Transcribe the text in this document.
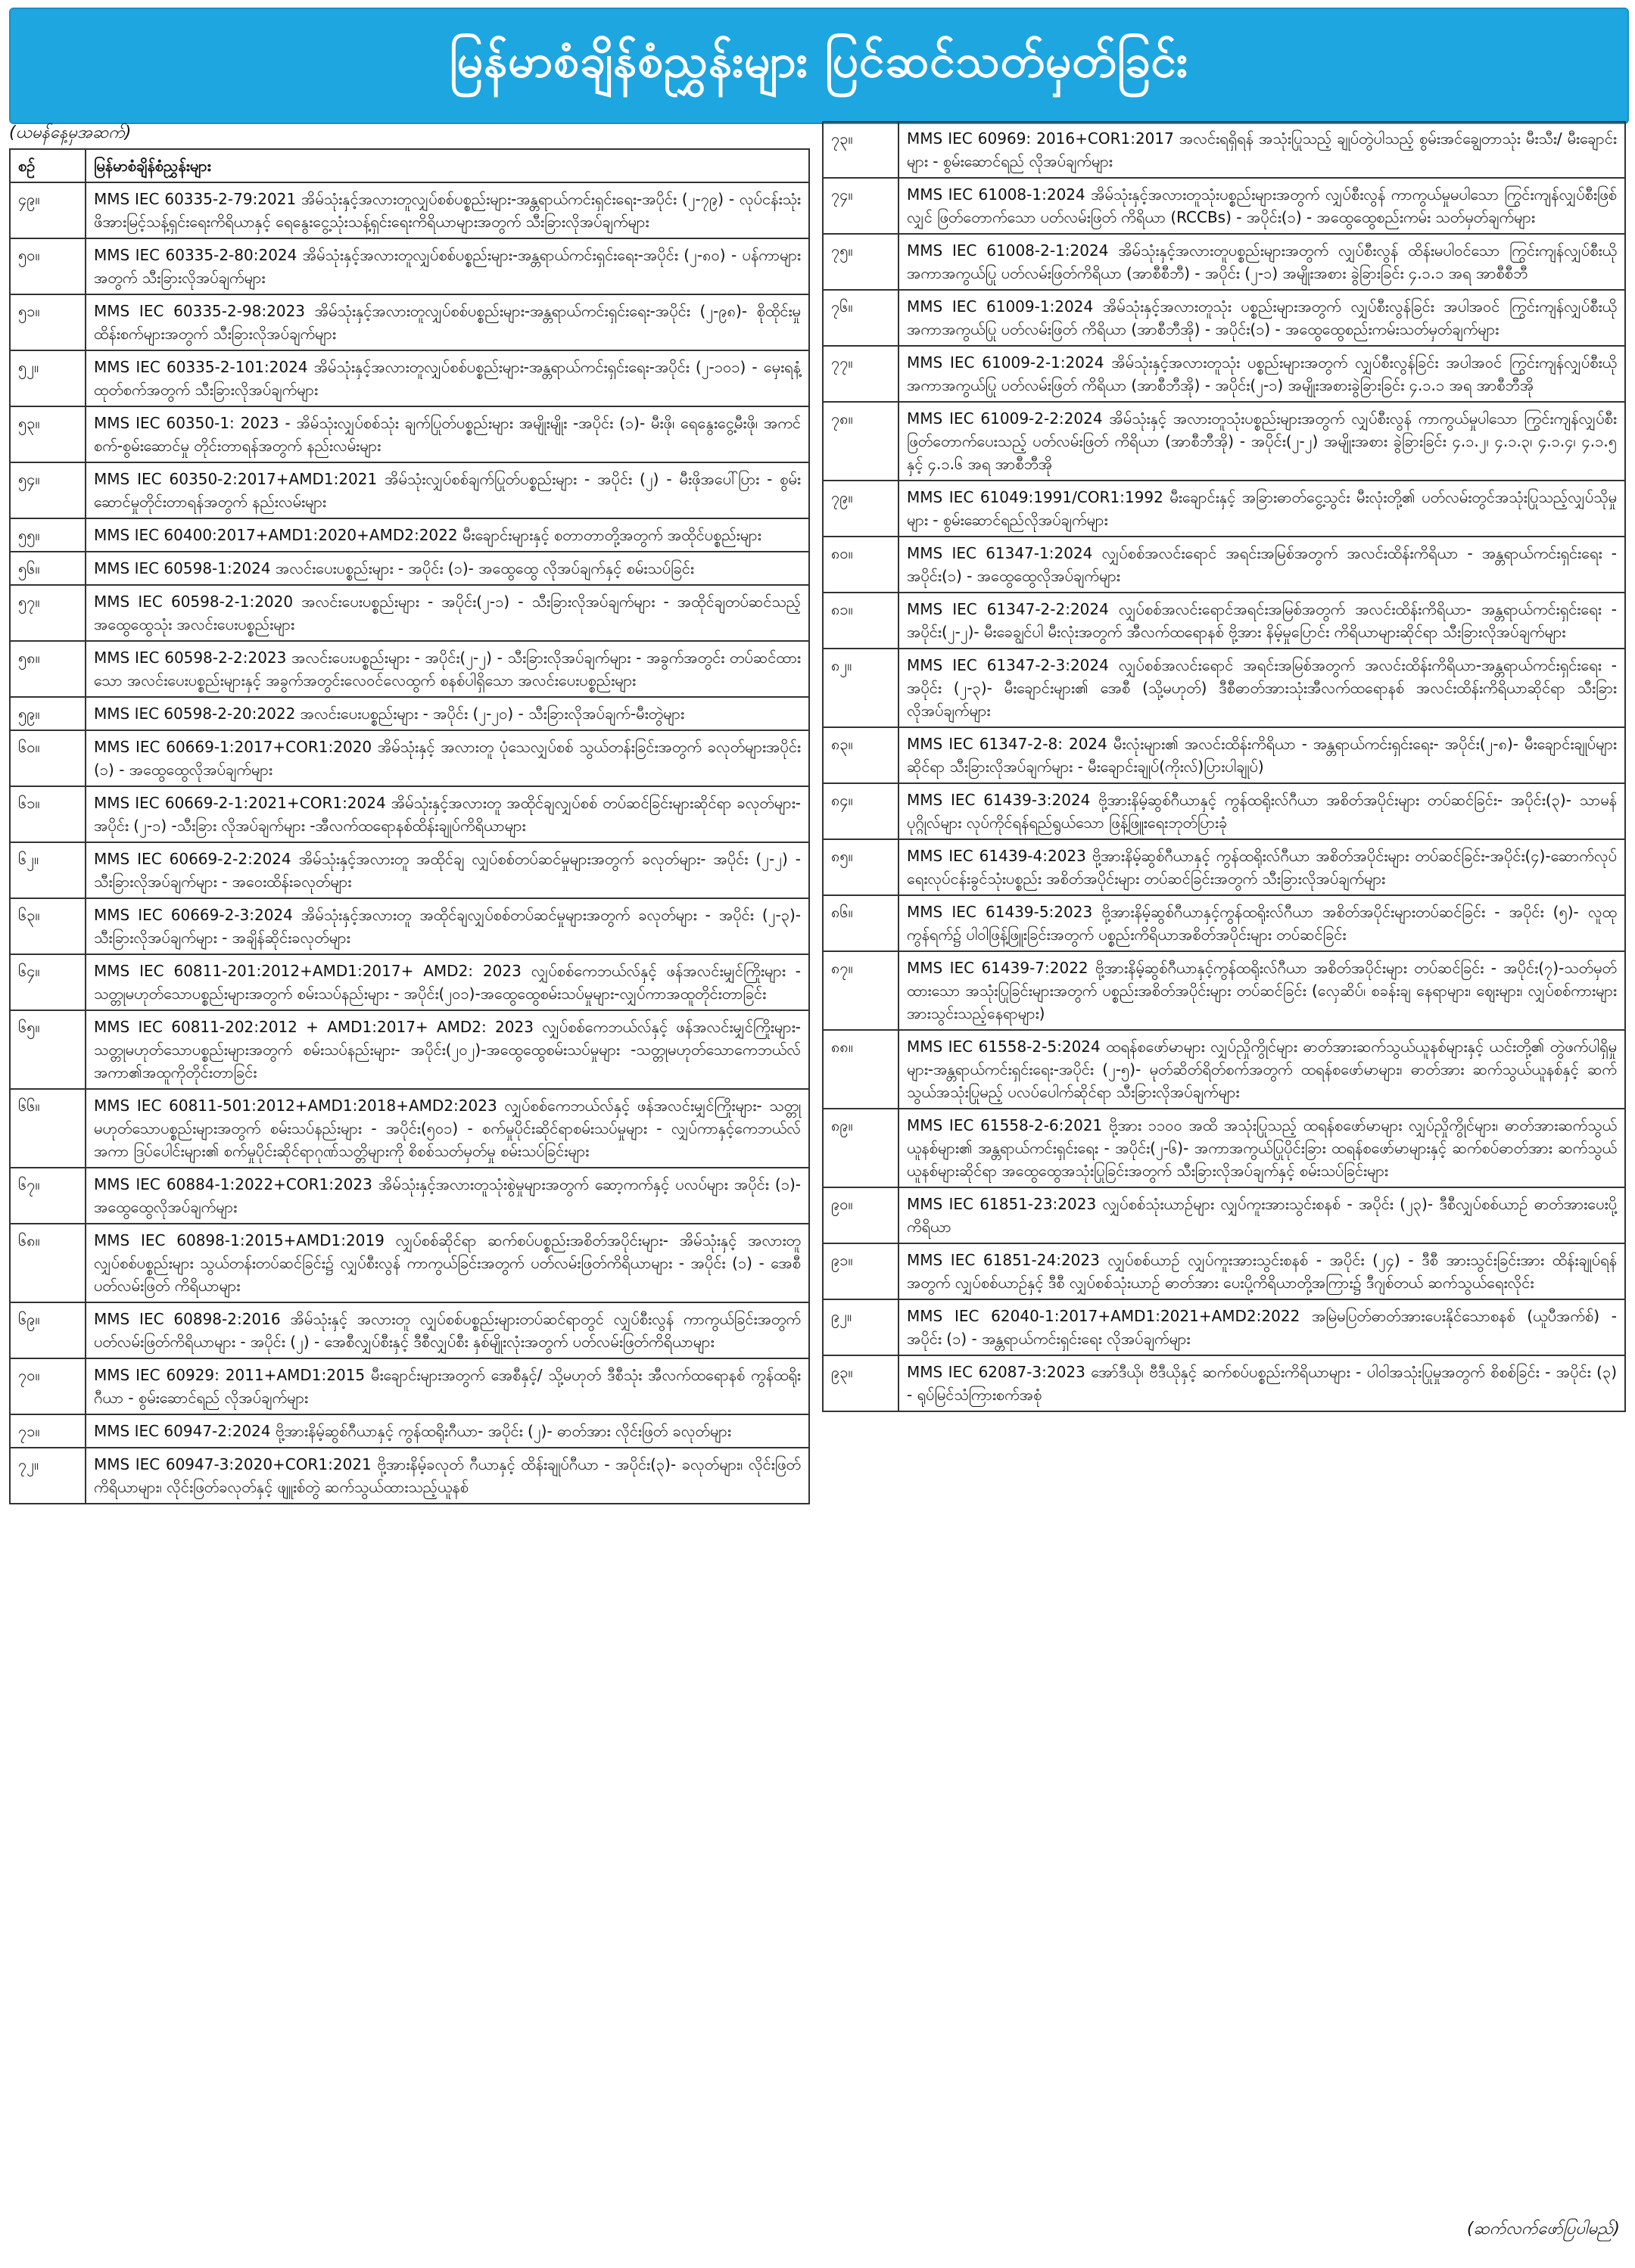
မြန်မာစံချိန်စံညွှန်းများ ပြင်ဆင်သတ်မှတ်ခြင်း
(ယမန်နေ့မှအဆက်)
စဉ်	မြန်မာစံချိန်စံညွှန်းများ
၄၉။	MMS IEC 60335-2-79:2021 အိမ်သုံးနှင့်အလားတူလျှပ်စစ်ပစ္စည်းများ-အန္တရာယ်ကင်းရှင်းရေး-အပိုင်း (၂-၇၉) - လုပ်ငန်းသုံးဖိအားမြင့်သန့်ရှင်းရေးကိရိယာနှင့် ရေနွေးငွေ့သုံးသန့်ရှင်းရေးကိရိယာများအတွက် သီးခြားလိုအပ်ချက်များ
၅၀။	MMS IEC 60335-2-80:2024 အိမ်သုံးနှင့်အလားတူလျှပ်စစ်ပစ္စည်းများ-အန္တရာယ်ကင်းရှင်းရေး-အပိုင်း (၂-၈၀) - ပန်ကာများအတွက် သီးခြားလိုအပ်ချက်များ
၅၁။	MMS IEC 60335-2-98:2023 အိမ်သုံးနှင့်အလားတူလျှပ်စစ်ပစ္စည်းများ-အန္တရာယ်ကင်းရှင်းရေး-အပိုင်း (၂-၉၈)- စိုထိုင်းမှုထိန်းစက်များအတွက် သီးခြားလိုအပ်ချက်များ
၅၂။	MMS IEC 60335-2-101:2024 အိမ်သုံးနှင့်အလားတူလျှပ်စစ်ပစ္စည်းများ-အန္တရာယ်ကင်းရှင်းရေး-အပိုင်း (၂-၁၀၁) - မှေးရနံ့ထုတ်စက်အတွက် သီးခြားလိုအပ်ချက်များ
၅၃။	MMS IEC 60350-1: 2023 - အိမ်သုံးလျှပ်စစ်သုံး ချက်ပြုတ်ပစ္စည်းများ အမျိုးမျိုး -အပိုင်း (၁)- မီးဖို၊ ရေနွေးငွေ့မီးဖို၊ အကင်စက်-စွမ်းဆောင်မှု တိုင်းတာရန်အတွက် နည်းလမ်းများ
၅၄။	MMS IEC 60350-2:2017+AMD1:2021 အိမ်သုံးလျှပ်စစ်ချက်ပြုတ်ပစ္စည်းများ - အပိုင်း (၂) - မီးဖိုအပေါ်ပြား - စွမ်းဆောင်မှုတိုင်းတာရန်အတွက် နည်းလမ်းများ
၅၅။	MMS IEC 60400:2017+AMD1:2020+AMD2:2022 မီးချောင်းများနှင့် စတာတာတို့အတွက် အထိုင်ပစ္စည်းများ
၅၆။	MMS IEC 60598-1:2024 အလင်းပေးပစ္စည်းများ - အပိုင်း (၁)- အထွေထွေ လိုအပ်ချက်နှင့် စမ်းသပ်ခြင်း
၅၇။	MMS IEC 60598-2-1:2020 အလင်းပေးပစ္စည်းများ - အပိုင်း(၂-၁) - သီးခြားလိုအပ်ချက်များ - အထိုင်ချတပ်ဆင်သည့် အထွေထွေသုံး အလင်းပေးပစ္စည်းများ
၅၈။	MMS IEC 60598-2-2:2023 အလင်းပေးပစ္စည်းများ - အပိုင်း(၂-၂) - သီးခြားလိုအပ်ချက်များ - အခွက်အတွင်း တပ်ဆင်ထားသော အလင်းပေးပစ္စည်းများနှင့် အခွက်အတွင်းလေဝင်လေထွက် စနစ်ပါရှိသော အလင်းပေးပစ္စည်းများ
၅၉။	MMS IEC 60598-2-20:2022 အလင်းပေးပစ္စည်းများ - အပိုင်း (၂-၂၀) - သီးခြားလိုအပ်ချက်-မီးတွဲများ
၆၀။	MMS IEC 60669-1:2017+COR1:2020 အိမ်သုံးနှင့် အလားတူ ပုံသေလျှပ်စစ် သွယ်တန်းခြင်းအတွက် ခလုတ်များအပိုင်း (၁) - အထွေထွေလိုအပ်ချက်များ
၆၁။	MMS IEC 60669-2-1:2021+COR1:2024 အိမ်သုံးနှင့်အလားတူ အထိုင်ချလျှပ်စစ် တပ်ဆင်ခြင်းများဆိုင်ရာ ခလုတ်များ-အပိုင်း (၂-၁) -သီးခြား လိုအပ်ချက်များ -အီလက်ထရောနစ်ထိန်းချုပ်ကိရိယာများ
၆၂။	MMS IEC 60669-2-2:2024 အိမ်သုံးနှင့်အလားတူ အထိုင်ချ လျှပ်စစ်တပ်ဆင်မှုများအတွက် ခလုတ်များ- အပိုင်း (၂-၂) - သီးခြားလိုအပ်ချက်များ - အဝေးထိန်းခလုတ်များ
၆၃။	MMS IEC 60669-2-3:2024 အိမ်သုံးနှင့်အလားတူ အထိုင်ချလျှပ်စစ်တပ်ဆင်မှုများအတွက် ခလုတ်များ - အပိုင်း (၂-၃)- သီးခြားလိုအပ်ချက်များ - အချိန်ဆိုင်းခလုတ်များ
၆၄။	MMS IEC 60811-201:2012+AMD1:2017+ AMD2: 2023 လျှပ်စစ်ကေဘယ်လ်နှင့် ဖန်အလင်းမျှင်ကြိုးများ - သတ္တုမဟုတ်သောပစ္စည်းများအတွက် စမ်းသပ်နည်းများ - အပိုင်း(၂၀၁)-အထွေထွေစမ်းသပ်မှုများ-လျှပ်ကာအထူတိုင်းတာခြင်း
၆၅။	MMS IEC 60811-202:2012 + AMD1:2017+ AMD2: 2023 လျှပ်စစ်ကေဘယ်လ်နှင့် ဖန်အလင်းမျှင်ကြိုးများ- သတ္တုမဟုတ်သောပစ္စည်းများအတွက် စမ်းသပ်နည်းများ- အပိုင်း(၂၀၂)-အထွေထွေစမ်းသပ်မှုများ -သတ္တုမဟုတ်သောကေဘယ်လ် အကာ၏အထူကိုတိုင်းတာခြင်း
၆၆။	MMS IEC 60811-501:2012+AMD1:2018+AMD2:2023 လျှပ်စစ်ကေဘယ်လ်နှင့် ဖန်အလင်းမျှင်ကြိုးများ- သတ္တုမဟုတ်သောပစ္စည်းများအတွက် စမ်းသပ်နည်းများ - အပိုင်း(၅၀၁) - စက်မှုပိုင်းဆိုင်ရာစမ်းသပ်မှုများ - လျှပ်ကာနှင့်ကေဘယ်လ်အကာ ဒြပ်ပေါင်းများ၏ စက်မှုပိုင်းဆိုင်ရာဂုဏ်သတ္တိများကို စိစစ်သတ်မှတ်မှု စမ်းသပ်ခြင်းများ
၆၇။	MMS IEC 60884-1:2022+COR1:2023 အိမ်သုံးနှင့်အလားတူသုံးစွဲမှုများအတွက် ဆော့ကက်နှင့် ပလပ်များ အပိုင်း (၁)- အထွေထွေလိုအပ်ချက်များ
၆၈။	MMS IEC 60898-1:2015+AMD1:2019 လျှပ်စစ်ဆိုင်ရာ ဆက်စပ်ပစ္စည်းအစိတ်အပိုင်းများ- အိမ်သုံးနှင့် အလားတူ လျှပ်စစ်ပစ္စည်းများ သွယ်တန်းတပ်ဆင်ခြင်း၌ လျှပ်စီးလွန် ကာကွယ်ခြင်းအတွက် ပတ်လမ်းဖြတ်ကိရိယာများ - အပိုင်း (၁) - အေစီပတ်လမ်းဖြတ် ကိရိယာများ
၆၉။	MMS IEC 60898-2:2016 အိမ်သုံးနှင့် အလားတူ လျှပ်စစ်ပစ္စည်းများတပ်ဆင်ရာတွင် လျှပ်စီးလွန် ကာကွယ်ခြင်းအတွက် ပတ်လမ်းဖြတ်ကိရိယာများ - အပိုင်း (၂) - အေစီလျှပ်စီးနှင့် ဒီစီလျှပ်စီး နှစ်မျိုးလုံးအတွက် ပတ်လမ်းဖြတ်ကိရိယာများ
၇၀။	MMS IEC 60929: 2011+AMD1:2015 မီးချောင်းများအတွက် အေစီနှင့်/ သို့မဟုတ် ဒီစီသုံး အီလက်ထရောနစ် ကွန်ထရိုးဂီယာ - စွမ်းဆောင်ရည် လိုအပ်ချက်များ
၇၁။	MMS IEC 60947-2:2024 ဗို့အားနိမ့်ဆွစ်ဂီယာနှင့် ကွန်ထရိုးဂီယာ- အပိုင်း (၂)- ဓာတ်အား လိုင်းဖြတ် ခလုတ်များ
၇၂။	MMS IEC 60947-3:2020+COR1:2021 ဗို့အားနိမ့်ခလုတ် ဂီယာနှင့် ထိန်းချုပ်ဂီယာ - အပိုင်း(၃)- ခလုတ်များ၊ လိုင်းဖြတ်ကိရိယာများ၊ လိုင်းဖြတ်ခလုတ်နှင့် ဖျူးစ်တွဲ ဆက်သွယ်ထားသည့်ယူနစ်
၇၃။	MMS IEC 60969: 2016+COR1:2017 အလင်းရရှိရန် အသုံးပြုသည့် ချုပ်တွဲပါသည့် စွမ်းအင်ချွေတာသုံး မီးသီး/ မီးချောင်းများ - စွမ်းဆောင်ရည် လိုအပ်ချက်များ
၇၄။	MMS IEC 61008-1:2024 အိမ်သုံးနှင့်အလားတူသုံးပစ္စည်းများအတွက် လျှပ်စီးလွန် ကာကွယ်မှုမပါသော ကြွင်းကျန်လျှပ်စီးဖြစ်လျှင် ဖြတ်တောက်သော ပတ်လမ်းဖြတ် ကိရိယာ (RCCBs) - အပိုင်း(၁) - အထွေထွေစည်းကမ်း သတ်မှတ်ချက်များ
၇၅။	MMS IEC 61008-2-1:2024 အိမ်သုံးနှင့်အလားတူပစ္စည်းများအတွက် လျှပ်စီးလွန် ထိန်းမပါဝင်သော ကြွင်းကျန်လျှပ်စီးယို အကာအကွယ်ပြု ပတ်လမ်းဖြတ်ကိရိယာ (အာစီစီဘီ) - အပိုင်း (၂-၁) အမျိုးအစား ခွဲခြားခြင်း ၄.၁.၁ အရ အာစီစီဘီ
၇၆။	MMS IEC 61009-1:2024 အိမ်သုံးနှင့်အလားတူသုံး ပစ္စည်းများအတွက် လျှပ်စီးလွန်ခြင်း အပါအဝင် ကြွင်းကျန်လျှပ်စီးယို အကာအကွယ်ပြု ပတ်လမ်းဖြတ် ကိရိယာ (အာစီဘီအို) - အပိုင်း(၁) - အထွေထွေစည်းကမ်းသတ်မှတ်ချက်များ
၇၇။	MMS IEC 61009-2-1:2024 အိမ်သုံးနှင့်အလားတူသုံး ပစ္စည်းများအတွက် လျှပ်စီးလွန်ခြင်း အပါအဝင် ကြွင်းကျန်လျှပ်စီးယိုအကာအကွယ်ပြု ပတ်လမ်းဖြတ် ကိရိယာ (အာစီဘီအို) - အပိုင်း(၂-၁) အမျိုးအစားခွဲခြားခြင်း ၄.၁.၁ အရ အာစီဘီအို
၇၈။	MMS IEC 61009-2-2:2024 အိမ်သုံးနှင့် အလားတူသုံးပစ္စည်းများအတွက် လျှပ်စီးလွန် ကာကွယ်မှုပါသော ကြွင်းကျန်လျှပ်စီး ဖြတ်တောက်ပေးသည့် ပတ်လမ်းဖြတ် ကိရိယာ (အာစီဘီအို) - အပိုင်း(၂-၂) အမျိုးအစား ခွဲခြားခြင်း ၄.၁.၂၊ ၄.၁.၃၊ ၄.၁.၄၊ ၄.၁.၅ နှင့် ၄.၁.၆ အရ အာစီဘီအို
၇၉။	MMS IEC 61049:1991/COR1:1992 မီးချောင်းနှင့် အခြားဓာတ်ငွေ့သွင်း မီးလုံးတို့၏ ပတ်လမ်းတွင်အသုံးပြုသည့်လျှပ်သိုမှုများ - စွမ်းဆောင်ရည်လိုအပ်ချက်များ
၈၀။	MMS IEC 61347-1:2024 လျှပ်စစ်အလင်းရောင် အရင်းအမြစ်အတွက် အလင်းထိန်းကိရိယာ - အန္တရာယ်ကင်းရှင်းရေး - အပိုင်း(၁) - အထွေထွေလိုအပ်ချက်များ
၈၁။	MMS IEC 61347-2-2:2024 လျှပ်စစ်အလင်းရောင်အရင်းအမြစ်အတွက် အလင်းထိန်းကိရိယာ- အန္တရာယ်ကင်းရှင်းရေး - အပိုင်း(၂-၂)- မီးခေချွင်ပါ မီးလုံးအတွက် အီလက်ထရောနစ် ဗို့အား နိမ့်မှုပြောင်း ကိရိယာများဆိုင်ရာ သီးခြားလိုအပ်ချက်များ
၈၂။	MMS IEC 61347-2-3:2024 လျှပ်စစ်အလင်းရောင် အရင်းအမြစ်အတွက် အလင်းထိန်းကိရိယာ-အန္တရာယ်ကင်းရှင်းရေး - အပိုင်း (၂-၃)- မီးချောင်းများ၏ အေစီ (သို့မဟုတ်) ဒီစီဓာတ်အားသုံးအီလက်ထရောနစ် အလင်းထိန်းကိရိယာဆိုင်ရာ သီးခြားလိုအပ်ချက်များ
၈၃။	MMS IEC 61347-2-8: 2024 မီးလုံးများ၏ အလင်းထိန်းကိရိယာ - အန္တရာယ်ကင်းရှင်းရေး- အပိုင်း(၂-၈)- မီးချောင်းချုပ်များဆိုင်ရာ သီးခြားလိုအပ်ချက်များ - မီးချောင်းချုပ်(ကိုးလ်)ပြားပါချုပ်)
၈၄။	MMS IEC 61439-3:2024 ဗို့အားနိမ့်ဆွစ်ဂီယာနှင့် ကွန်ထရိုးလ်ဂီယာ အစိတ်အပိုင်းများ တပ်ဆင်ခြင်း- အပိုင်း(၃)- သာမန်ပုဂ္ဂိုလ်များ လုပ်ကိုင်ရန်ရည်ရွယ်သော ဖြန့်ဖြူးရေးဘုတ်ပြားခုံ
၈၅။	MMS IEC 61439-4:2023 ဗို့အားနိမ့်ဆွစ်ဂီယာနှင့် ကွန်ထရိုးလ်ဂီယာ အစိတ်အပိုင်းများ တပ်ဆင်ခြင်း-အပိုင်း(၄)-ဆောက်လုပ်ရေးလုပ်ငန်းခွင်သုံးပစ္စည်း အစိတ်အပိုင်းများ တပ်ဆင်ခြင်းအတွက် သီးခြားလိုအပ်ချက်များ
၈၆။	MMS IEC 61439-5:2023 ဗို့အားနိမ့်ဆွစ်ဂီယာနှင့်ကွန်ထရိုးလ်ဂီယာ အစိတ်အပိုင်းများတပ်ဆင်ခြင်း - အပိုင်း (၅)- လူထုကွန်ရက်၌ ပါဝါဖြန့်ဖြူးခြင်းအတွက် ပစ္စည်းကိရိယာအစိတ်အပိုင်းများ တပ်ဆင်ခြင်း
၈၇။	MMS IEC 61439-7:2022 ဗို့အားနိမ့်ဆွစ်ဂီယာနှင့်ကွန်ထရိုးလ်ဂီယာ အစိတ်အပိုင်းများ တပ်ဆင်ခြင်း - အပိုင်း(၇)-သတ်မှတ်ထားသော အသုံးပြုခြင်းများအတွက် ပစ္စည်းအစိတ်အပိုင်းများ တပ်ဆင်ခြင်း (လှေဆိပ်၊ စခန်းချ နေရာများ၊ ဈေးများ၊ လျှပ်စစ်ကားများ အားသွင်းသည့်နေရာများ)
၈၈။	MMS IEC 61558-2-5:2024 ထရန်စဖော်မာများ လျှပ်ညှိုကွိုင်များ ဓာတ်အားဆက်သွယ်ယူနစ်များနှင့် ယင်းတို့၏ တွဲဖက်ပါရှိမှုများ-အန္တရာယ်ကင်းရှင်းရေး-အပိုင်း (၂-၅)- မုတ်ဆိတ်ရိတ်စက်အတွက် ထရန်စဖော်မာများ၊ ဓာတ်အား ဆက်သွယ်ယူနစ်နှင့် ဆက်သွယ်အသုံးပြုမည့် ပလပ်ပေါက်ဆိုင်ရာ သီးခြားလိုအပ်ချက်များ
၈၉။	MMS IEC 61558-2-6:2021 ဗို့အား ၁၁၀၀ အထိ အသုံးပြုသည့် ထရန်စဖော်မာများ လျှပ်ညှိုကွိုင်များ၊ ဓာတ်အားဆက်သွယ်ယူနစ်များ၏ အန္တရာယ်ကင်းရှင်းရေး - အပိုင်း(၂-၆)- အကာအကွယ်ပြုပိုင်းခြား ထရန်စဖော်မာများနှင့် ဆက်စပ်ဓာတ်အား ဆက်သွယ် ယူနစ်များဆိုင်ရာ အထွေထွေအသုံးပြုခြင်းအတွက် သီးခြားလိုအပ်ချက်နှင့် စမ်းသပ်ခြင်းများ
၉၀။	MMS IEC 61851-23:2023 လျှပ်စစ်သုံးယာဉ်များ လျှပ်ကူးအားသွင်းစနစ် - အပိုင်း (၂၃)- ဒီစီလျှပ်စစ်ယာဉ် ဓာတ်အားပေးပို့ ကိရိယာ
၉၁။	MMS IEC 61851-24:2023 လျှပ်စစ်ယာဉ် လျှပ်ကူးအားသွင်းစနစ် - အပိုင်း (၂၄) - ဒီစီ အားသွင်းခြင်းအား ထိန်းချုပ်ရန်အတွက် လျှပ်စစ်ယာဉ်နှင့် ဒီစီ လျှပ်စစ်သုံးယာဉ် ဓာတ်အား ပေးပို့ကိရိယာတို့အကြား၌ ဒီဂျစ်တယ် ဆက်သွယ်ရေးလိုင်း
၉၂။	MMS IEC 62040-1:2017+AMD1:2021+AMD2:2022 အမြဲမပြတ်ဓာတ်အားပေးနိုင်သောစနစ် (ယူပီအက်စ်) - အပိုင်း (၁) - အန္တရာယ်ကင်းရှင်းရေး လိုအပ်ချက်များ
၉၃။	MMS IEC 62087-3:2023 အော်ဒီယို၊ ဗီဒီယိုနှင့် ဆက်စပ်ပစ္စည်းကိရိယာများ - ပါဝါအသုံးပြုမှုအတွက် စိစစ်ခြင်း - အပိုင်း (၃) - ရုပ်မြင်သံကြားစက်အစုံ
(ဆက်လက်ဖော်ပြပါမည်)
